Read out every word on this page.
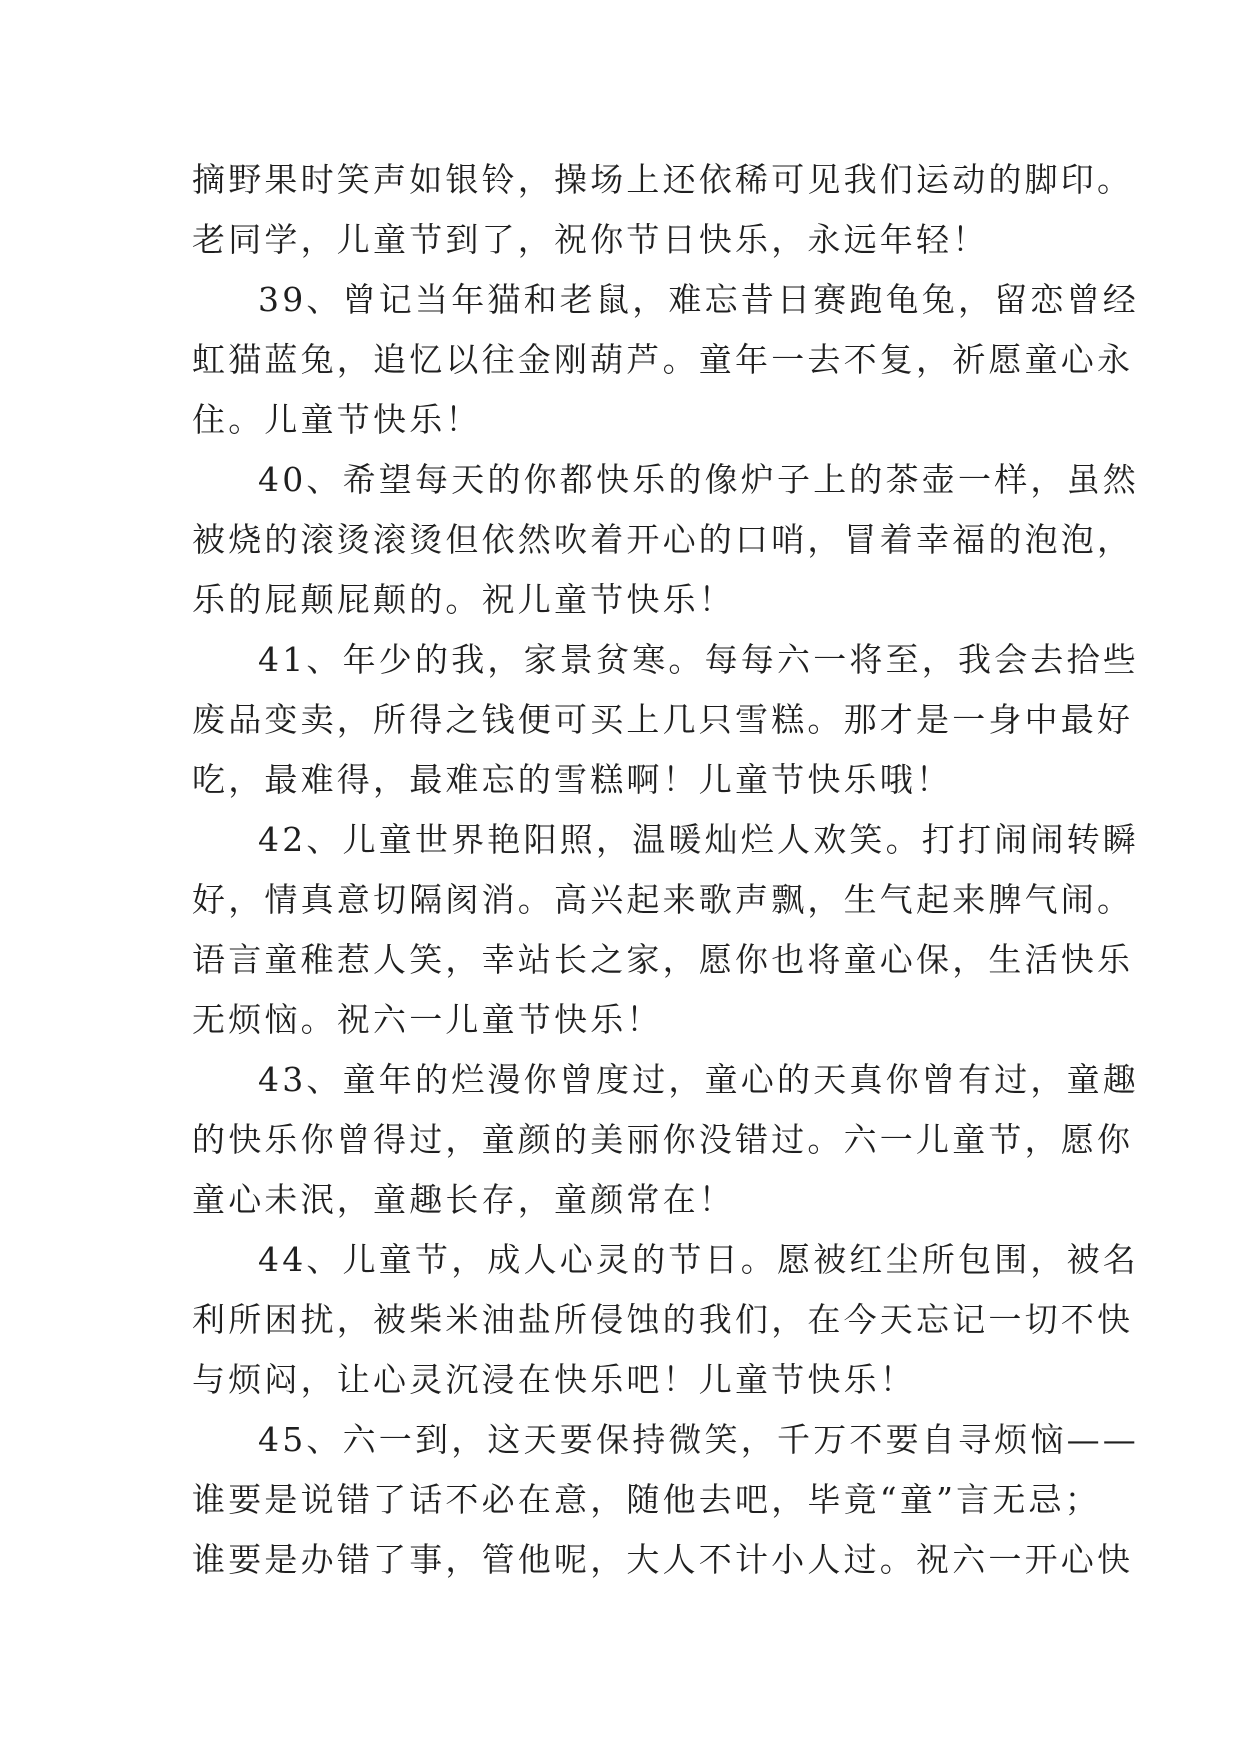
摘野果时笑声如银铃，操场上还依稀可见我们运动的脚印。
老同学，儿童节到了，祝你节日快乐，永远年轻！
39、曾记当年猫和老鼠，难忘昔日赛跑龟兔，留恋曾经
虹猫蓝兔，追忆以往金刚葫芦。童年一去不复，祈愿童心永
住。儿童节快乐！
40、希望每天的你都快乐的像炉子上的茶壶一样，虽然
被烧的滚烫滚烫但依然吹着开心的口哨，冒着幸福的泡泡，
乐的屁颠屁颠的。祝儿童节快乐！
41、年少的我，家景贫寒。每每六一将至，我会去拾些
废品变卖，所得之钱便可买上几只雪糕。那才是一身中最好
吃，最难得，最难忘的雪糕啊！儿童节快乐哦！
42、儿童世界艳阳照，温暖灿烂人欢笑。打打闹闹转瞬
好，情真意切隔阂消。高兴起来歌声飘，生气起来脾气闹。
语言童稚惹人笑，幸站长之家，愿你也将童心保，生活快乐
无烦恼。祝六一儿童节快乐！
43、童年的烂漫你曾度过，童心的天真你曾有过，童趣
的快乐你曾得过，童颜的美丽你没错过。六一儿童节，愿你
童心未泯，童趣长存，童颜常在！
44、儿童节，成人心灵的节日。愿被红尘所包围，被名
利所困扰，被柴米油盐所侵蚀的我们，在今天忘记一切不快
与烦闷，让心灵沉浸在快乐吧！儿童节快乐！
45、六一到，这天要保持微笑，千万不要自寻烦恼——
谁要是说错了话不必在意，随他去吧，毕竟“童”言无忌；
谁要是办错了事，管他呢，大人不计小人过。祝六一开心快
